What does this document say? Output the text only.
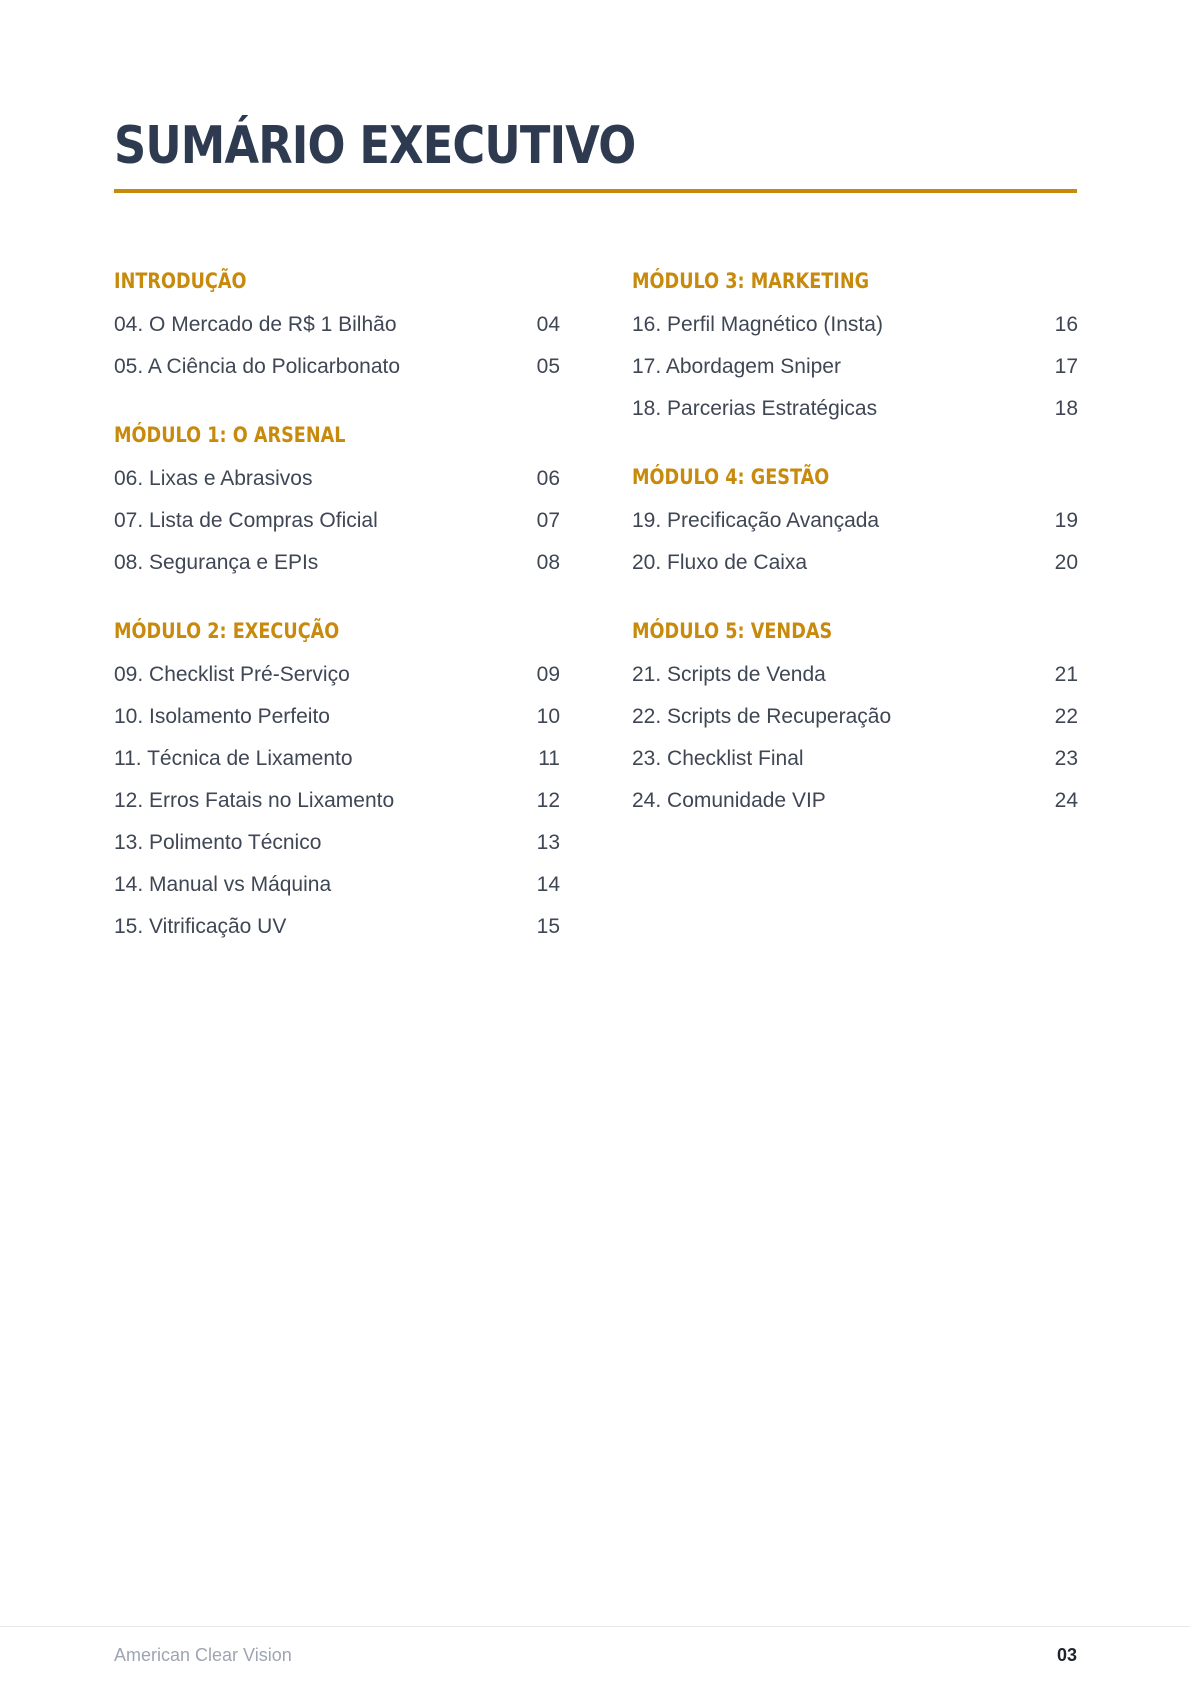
SUMÁRIO EXECUTIVO
INTRODUÇÃO
04. O Mercado de R$ 1 Bilhão	04
05. A Ciência do Policarbonato	05
MÓDULO 1: O ARSENAL
06. Lixas e Abrasivos	06
07. Lista de Compras Oficial	07
08. Segurança e EPIs	08
MÓDULO 2: EXECUÇÃO
09. Checklist Pré-Serviço	09
10. Isolamento Perfeito	10
11. Técnica de Lixamento	11
12. Erros Fatais no Lixamento	12
13. Polimento Técnico	13
14. Manual vs Máquina	14
15. Vitrificação UV	15
MÓDULO 3: MARKETING
16. Perfil Magnético (Insta)	16
17. Abordagem Sniper	17
18. Parcerias Estratégicas	18
MÓDULO 4: GESTÃO
19. Precificação Avançada	19
20. Fluxo de Caixa	20
MÓDULO 5: VENDAS
21. Scripts de Venda	21
22. Scripts de Recuperação	22
23. Checklist Final	23
24. Comunidade VIP	24
American Clear Vision	03
